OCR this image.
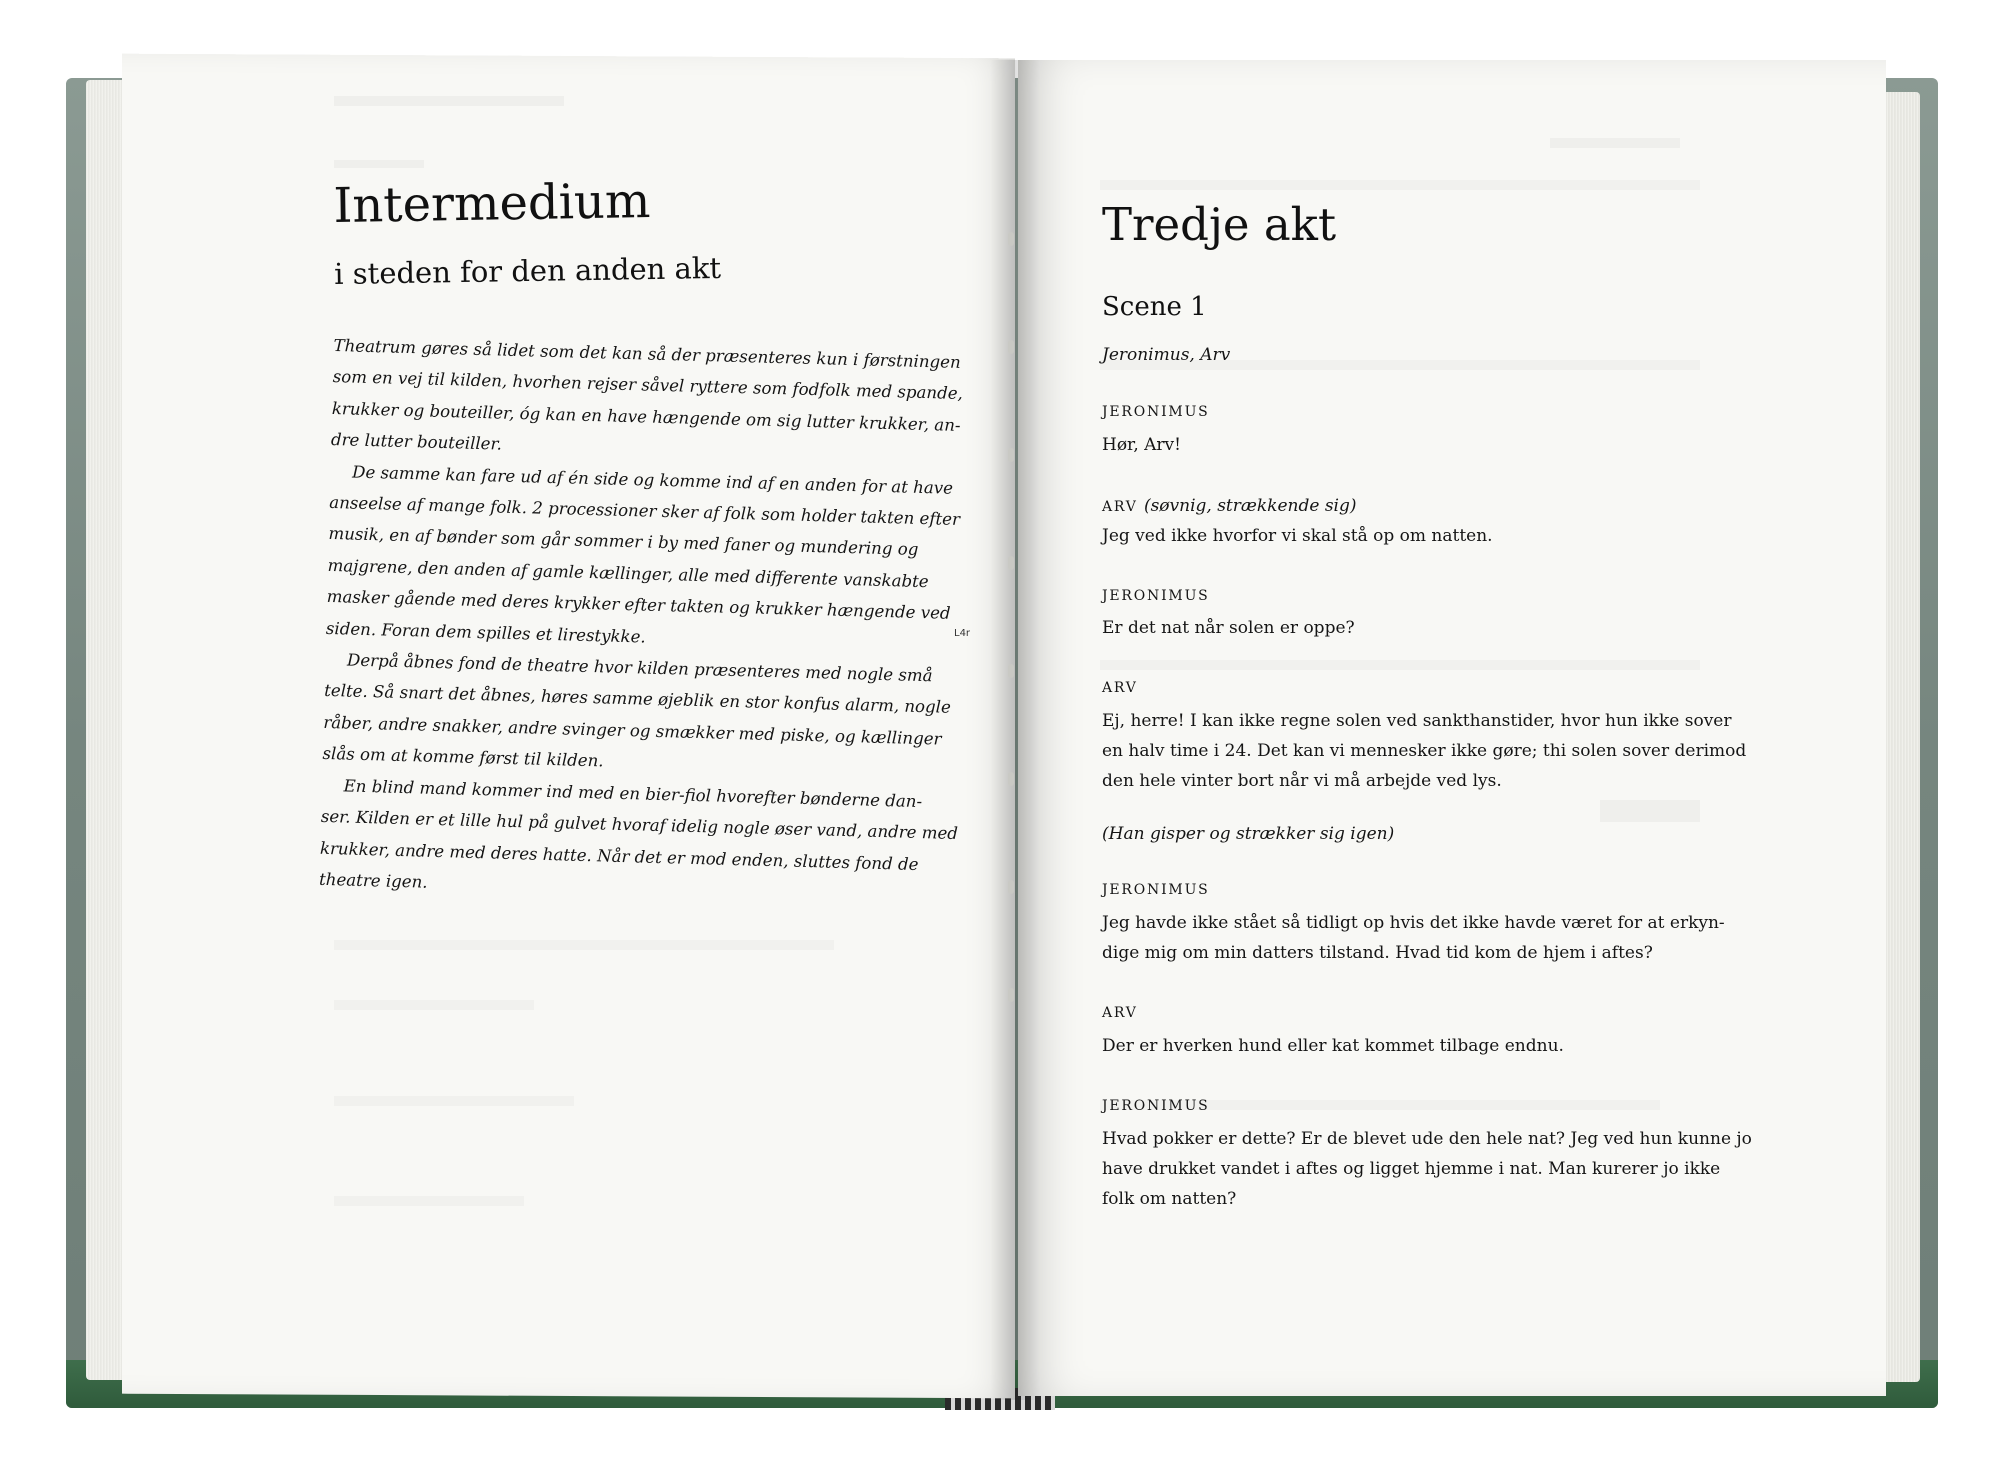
Intermedium
i steden for den anden akt
Theatrum gøres så lidet som det kan så der præsenteres kun i førstningen
som en vej til kilden, hvorhen rejser såvel ryttere som fodfolk med spande,
krukker og bouteiller, óg kan en have hængende om sig lutter krukker, an-
dre lutter bouteiller.
De samme kan fare ud af én side og komme ind af en anden for at have
anseelse af mange folk. 2 processioner sker af folk som holder takten efter
musik, en af bønder som går sommer i by med faner og mundering og
majgrene, den anden af gamle kællinger, alle med differente vanskabte
masker gående med deres krykker efter takten og krukker hængende ved
siden. Foran dem spilles et lirestykke.
Derpå åbnes fond de theatre hvor kilden præsenteres med nogle små
telte. Så snart det åbnes, høres samme øjeblik en stor konfus alarm, nogle
råber, andre snakker, andre svinger og smækker med piske, og kællinger
slås om at komme først til kilden.
En blind mand kommer ind med en bier-fiol hvorefter bønderne dan-
ser. Kilden er et lille hul på gulvet hvoraf idelig nogle øser vand, andre med
krukker, andre med deres hatte. Når det er mod enden, sluttes fond de
theatre igen.
L4r
Tredje akt
Scene 1
Jeronimus, Arv
JERONIMUS
Hør, Arv!
ARV (søvnig, strækkende sig)
Jeg ved ikke hvorfor vi skal stå op om natten.
JERONIMUS
Er det nat når solen er oppe?
ARV
Ej, herre! I kan ikke regne solen ved sankthanstider, hvor hun ikke sover
en halv time i 24. Det kan vi mennesker ikke gøre; thi solen sover derimod
den hele vinter bort når vi må arbejde ved lys.
(Han gisper og strækker sig igen)
JERONIMUS
Jeg havde ikke stået så tidligt op hvis det ikke havde været for at erkyn-
dige mig om min datters tilstand. Hvad tid kom de hjem i aftes?
ARV
Der er hverken hund eller kat kommet tilbage endnu.
JERONIMUS
Hvad pokker er dette? Er de blevet ude den hele nat? Jeg ved hun kunne jo
have drukket vandet i aftes og ligget hjemme i nat. Man kurerer jo ikke
folk om natten?
